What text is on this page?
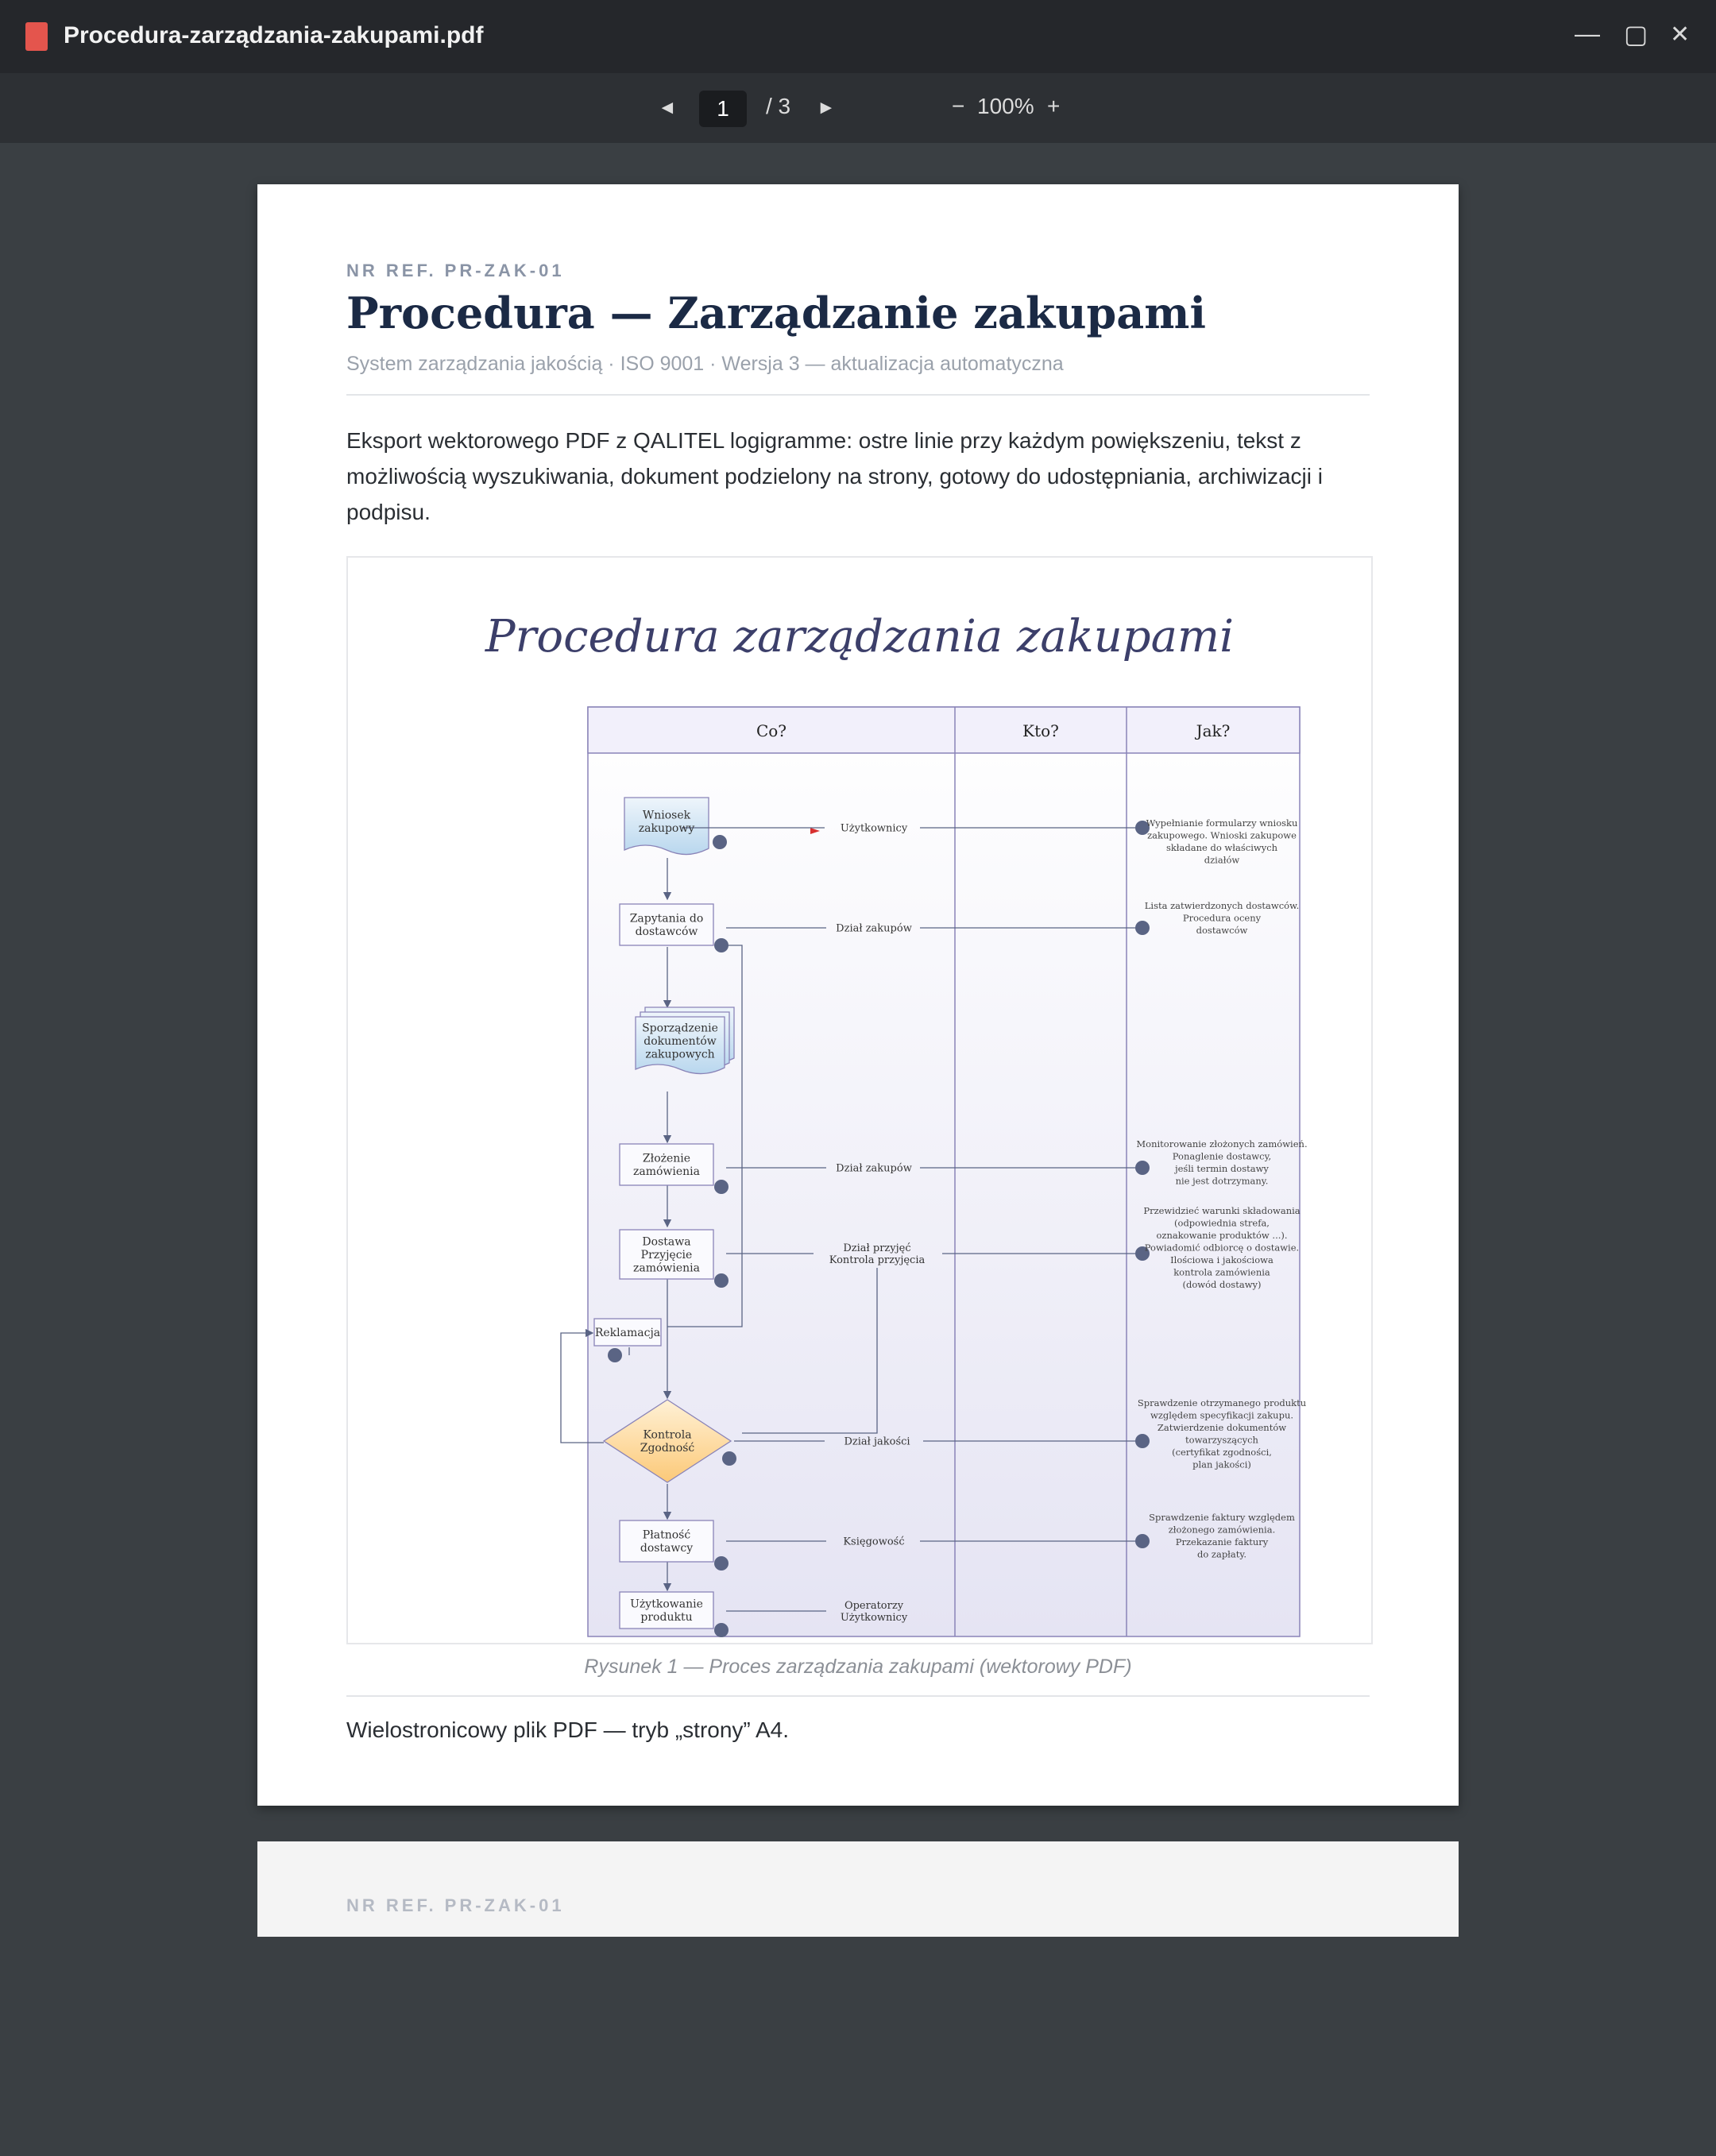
Procedura-zarządzania-zakupami.pdf	— ▢ ✕
◄
1	/ 3 ►	− 100% +
NR REF. PR-ZAK-01
Procedura — Zarządzanie zakupami
System zarządzania jakością · ISO 9001 · Wersja 3 — aktualizacja automatyczna
Eksport wektorowego PDF z QALITEL logigramme: ostre linie przy każdym powiększeniu, tekst z możliwością wyszukiwania, dokument podzielony na strony, gotowy do udostępniania, archiwizacji i podpisu.
Procedura zarządzania zakupami
Co?	Kto?	Jak?
Wniosek
zakupowy	Użytkownicy	Wypełnianie formularzy wniosku
zakupowego. Wnioski zakupowe
składane do właściwych
działów
Zapytania do
dostawców	Dział zakupów
Lista zatwierdzonych dostawców.
Procedura oceny
dostawców
Sporządzenie
dokumentów
zakupowych
Złożenie
zamówienia	Dział zakupów
Monitorowanie złożonych zamówień.
Ponaglenie dostawcy,
jeśli termin dostawy
nie jest dotrzymany.
Dostawa
Przyjęcie
zamówienia
Dział przyjęć
Kontrola przyjęcia
Przewidzieć warunki składowania
(odpowiednia strefa,
oznakowanie produktów ...).
Powiadomić odbiorcę o dostawie.
Ilościowa i jakościowa
kontrola zamówienia
(dowód dostawy)
Reklamacja
Kontrola
Zgodność
Dział jakości
Sprawdzenie otrzymanego produktu
względem specyfikacji zakupu.
Zatwierdzenie dokumentów
towarzyszących
(certyfikat zgodności,
plan jakości)
Płatność
dostawcy
Księgowość
Sprawdzenie faktury względem
złożonego zamówienia.
Przekazanie faktury
do zapłaty.
Użytkowanie
produktu
Operatorzy
Użytkownicy
Rysunek 1 — Proces zarządzania zakupami (wektorowy PDF)
Wielostronicowy plik PDF — tryb „strony” A4.
NR REF. PR-ZAK-01
